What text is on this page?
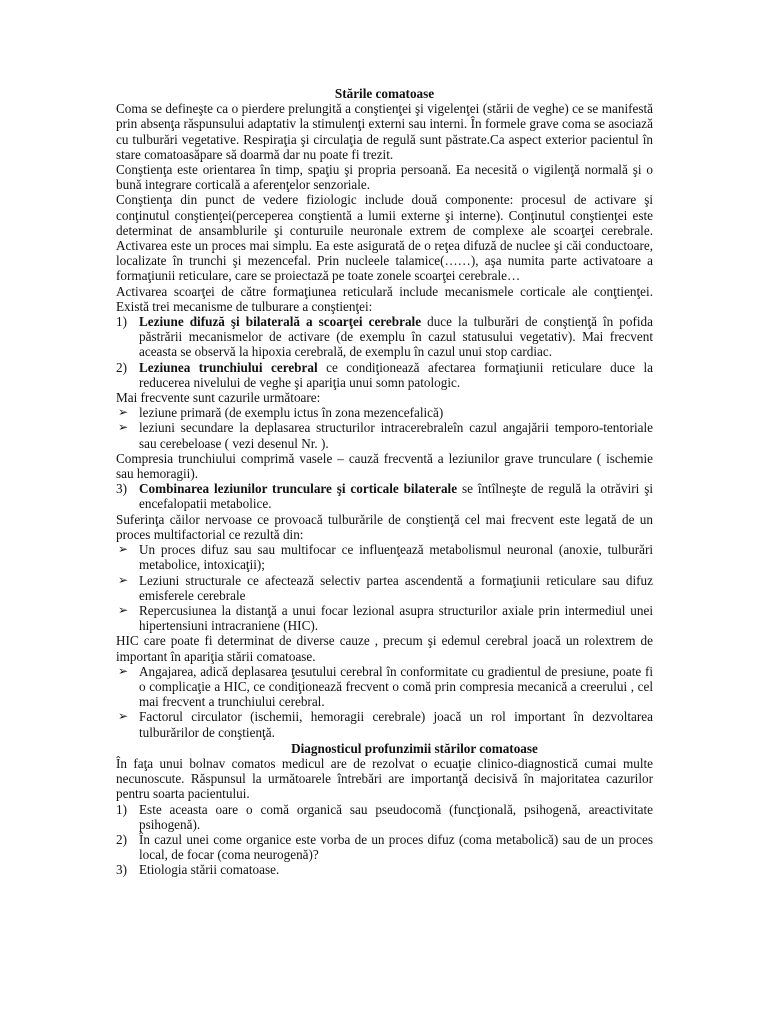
Stările comatoase

Coma se defineşte ca o pierdere prelungită a conştienţei şi vigelenţei (stării de veghe) ce se manifestă prin absenţa răspunsului adaptativ la stimulenţi externi sau interni. În formele grave coma se asociază cu tulburări vegetative. Respiraţia şi circulaţia de regulă sunt păstrate.Ca aspect exterior pacientul în stare comatoasăpare să doarmă dar nu poate fi trezit.

Conştienţa este orientarea în timp, spaţiu şi propria persoană. Ea necesită o vigilenţă normală şi o bună integrare corticală a aferenţelor senzoriale.

Conştienţa din punct de vedere fiziologic include două componente: procesul de activare şi conţinutul conştienţei(perceperea conştientă a lumii externe şi interne). Conţinutul conştienţei este determinat de ansamblurile şi conturuile neuronale extrem de complexe ale scoarţei cerebrale. Activarea este un proces mai simplu. Ea este asigurată de o reţea difuză de nuclee şi căi conductoare, localizate în trunchi şi mezencefal. Prin nucleele talamice(……), aşa numita parte activatoare a formaţiunii reticulare, care se proiectază pe toate zonele scoarţei cerebrale…

Activarea scoarţei de către formaţiunea reticulară include mecanismele corticale ale conţtienţei. Există trei mecanisme de tulburare a conştienţei:

1) Leziune difuză şi bilaterală a scoarţei cerebrale duce la tulburări de conştienţă în pofida păstrării mecanismelor de activare (de exemplu în cazul statusului vegetativ). Mai frecvent aceasta se observă la hipoxia cerebrală, de exemplu în cazul unui stop cardiac.
2) Leziunea trunchiului cerebral ce condiţionează afectarea formaţiunii reticulare duce la reducerea nivelului de veghe şi apariţia unui somn patologic.

Mai frecvente sunt cazurile următoare:

➢ leziune primară (de exemplu ictus în zona mezencefalică)
➢ leziuni secundare la deplasarea structurilor intracerebraleîn cazul angajării temporo-tentoriale sau cerebeloase ( vezi desenul Nr. ).

Compresia trunchiului comprimă vasele – cauză frecventă a leziunilor grave trunculare ( ischemie sau hemoragii).

3) Combinarea leziunilor trunculare şi corticale bilaterale se întîlneşte de regulă la otrăviri şi encefalopatii metabolice.

Suferinţa căilor nervoase ce provoacă tulburările de conştienţă cel mai frecvent este legată de un proces multifactorial ce rezultă din:

➢ Un proces difuz sau sau multifocar ce influenţează metabolismul neuronal (anoxie, tulburări metabolice, intoxicaţii);
➢ Leziuni structurale ce afectează selectiv partea ascendentă a formaţiunii reticulare sau difuz emisferele cerebrale
➢ Repercusiunea la distanţă a unui focar lezional asupra structurilor axiale prin intermediul unei hipertensiuni intracraniene (HIC).

HIC care poate fi determinat de diverse cauze , precum şi edemul cerebral joacă un rolextrem de important în apariţia stării comatoase.

➢ Angajarea, adică deplasarea ţesutului cerebral în conformitate cu gradientul de presiune, poate fi o complicaţie a HIC, ce condiţionează frecvent o comă prin compresia mecanică a creerului , cel mai frecvent a trunchiului cerebral.
➢ Factorul circulator (ischemii, hemoragii cerebrale) joacă un rol important în dezvoltarea tulburărilor de conştienţă.
Diagnosticul profunzimii stărilor comatoase

În faţa unui bolnav comatos medicul are de rezolvat o ecuaţie clinico-diagnostică cumai multe necunoscute. Răspunsul la următoarele întrebări are importanţă decisivă în majoritatea cazurilor pentru soarta pacientului.

1) Este aceasta oare o comă organică sau pseudocomă (funcţională, psihogenă, areactivitate psihogenă).
2) În cazul unei come organice este vorba de un proces difuz (coma metabolică) sau de un proces local, de focar (coma neurogenă)?
3) Etiologia stării comatoase.
